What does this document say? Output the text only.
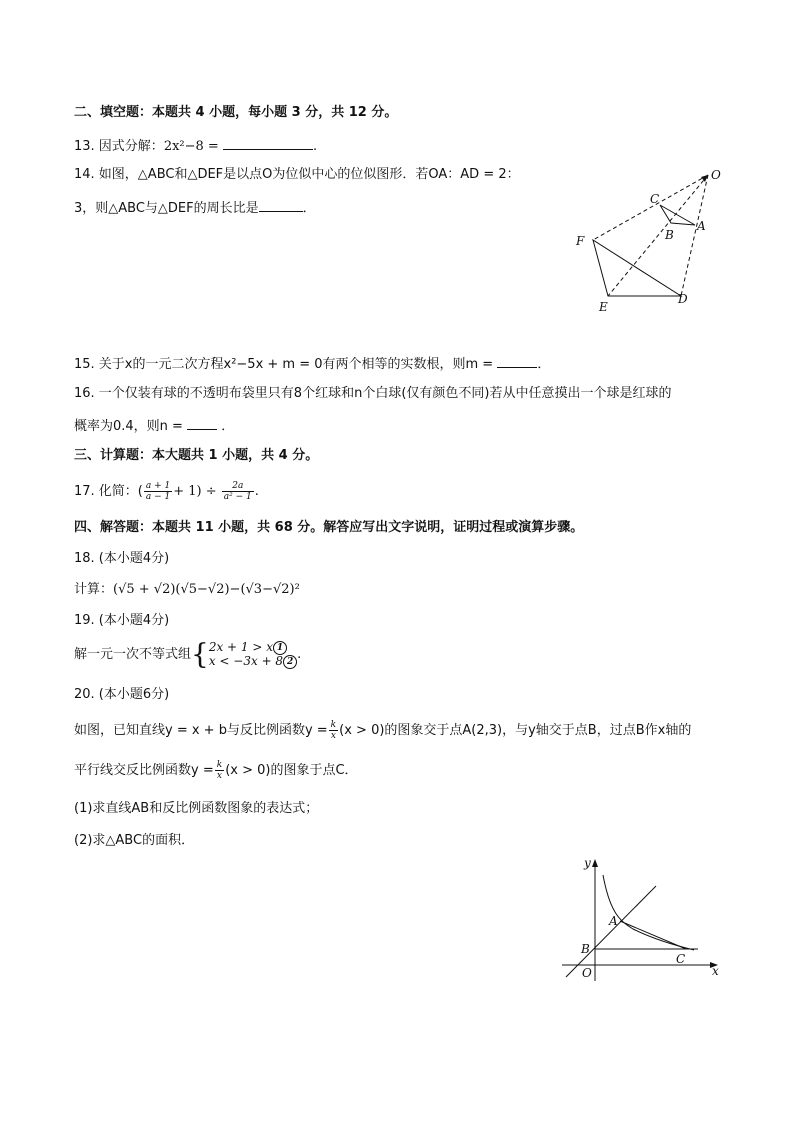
二、填空题：本题共 4 小题，每小题 3 分，共 12 分。
13. 因式分解：2x²−8 =	.
14. 如图，△ABC和△DEF是以点O为位似中心的位似图形．若OA：AD = 2：
3，则△ABC与△DEF的周长比是	．
O
C
A
B
F
E
D
15. 关于x的一元二次方程x²−5x + m = 0有两个相等的实数根，则m =	．
16. 一个仅装有球的不透明布袋里只有8个红球和n个白球(仅有颜色不同)若从中任意摸出一个球是红球的
概率为0.4，则n =	．
三、计算题：本大题共 1 小题，共 4 分。
17. 化简：( $\frac{a + 1}{a - 1} + 1) \div \frac{2a}{\text{a² − 1}}$ .
四、解答题：本题共 11 小题，共 68 分。解答应写出文字说明，证明过程或演算步骤。
18. (本小题4分)
计算：(√5 + √2)(√5−√2)−(√3−√2)²
19. (本小题4分)
解一元一次不等式组{2x + 1 > x 1
x < −3x + 8 2 .
20. (本小题6分)
如图，已知直线y = x + b与反比例函数$y = \frac{k}{x} (x > 0)$的图象交于点A(2,3)，与y轴交于点B，过点B作x轴的
平行线交反比例函数$y = \frac{k}{x} (x > 0)$的图象于点C．
(1)求直线AB和反比例函数图象的表达式；
(2)求△ABC的面积．
y
x
O
A
B
C
